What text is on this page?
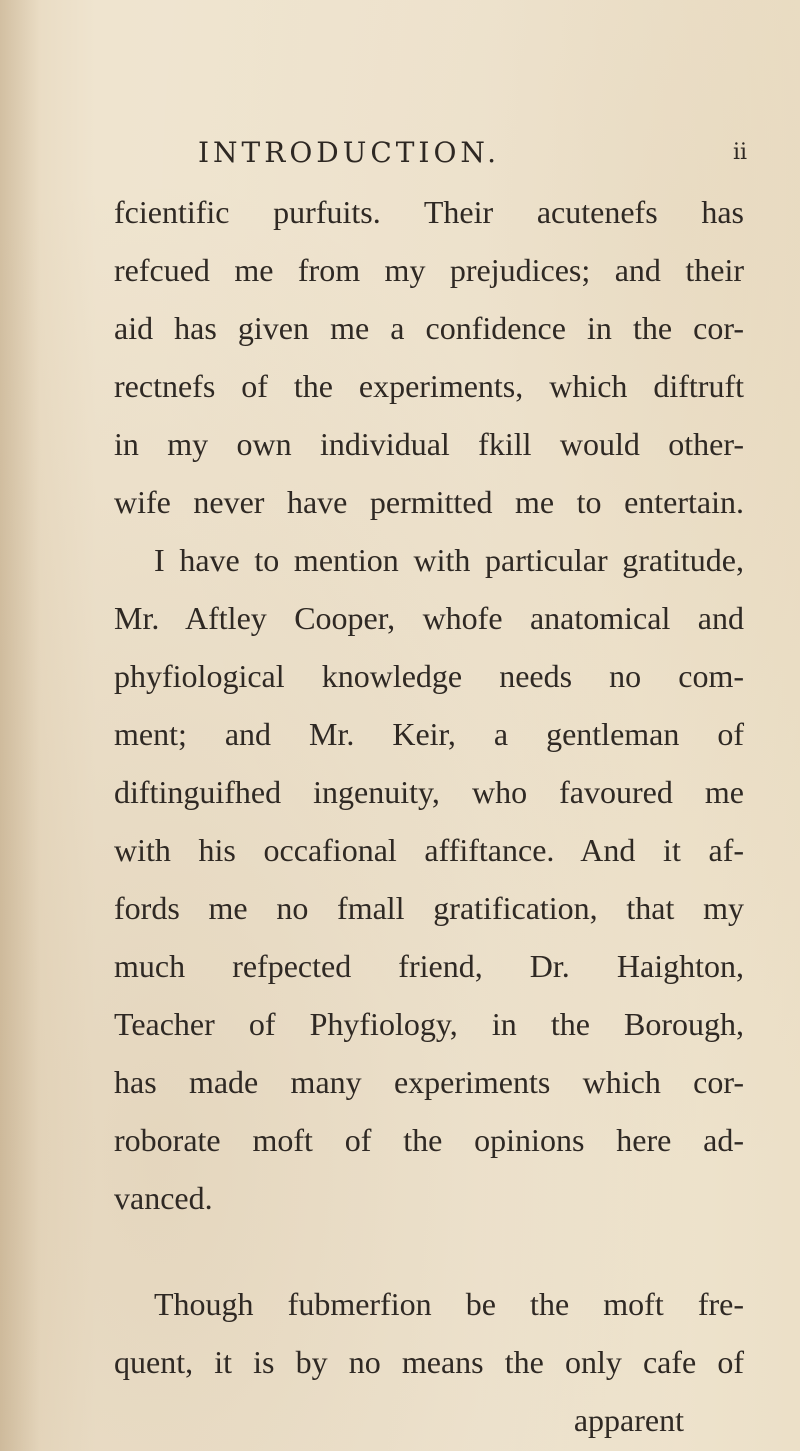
INTRODUCTION.	ii
fcientific purfuits. Their acutenefs has
refcued me from my prejudices; and their
aid has given me a confidence in the cor-
rectnefs of the experiments, which diftruft
in my own individual fkill would other-
wife never have permitted me to entertain.
I have to mention with particular gratitude,
Mr. Aftley Cooper, whofe anatomical and
phyfiological knowledge needs no com-
ment; and Mr. Keir, a gentleman of
diftinguifhed ingenuity, who favoured me
with his occafional affiftance. And it af-
fords me no fmall gratification, that my
much refpected friend, Dr. Haighton,
Teacher of Phyfiology, in the Borough,
has made many experiments which cor-
roborate moft of the opinions here ad-
vanced.
Though fubmerfion be the moft fre-
quent, it is by no means the only cafe of
apparent
